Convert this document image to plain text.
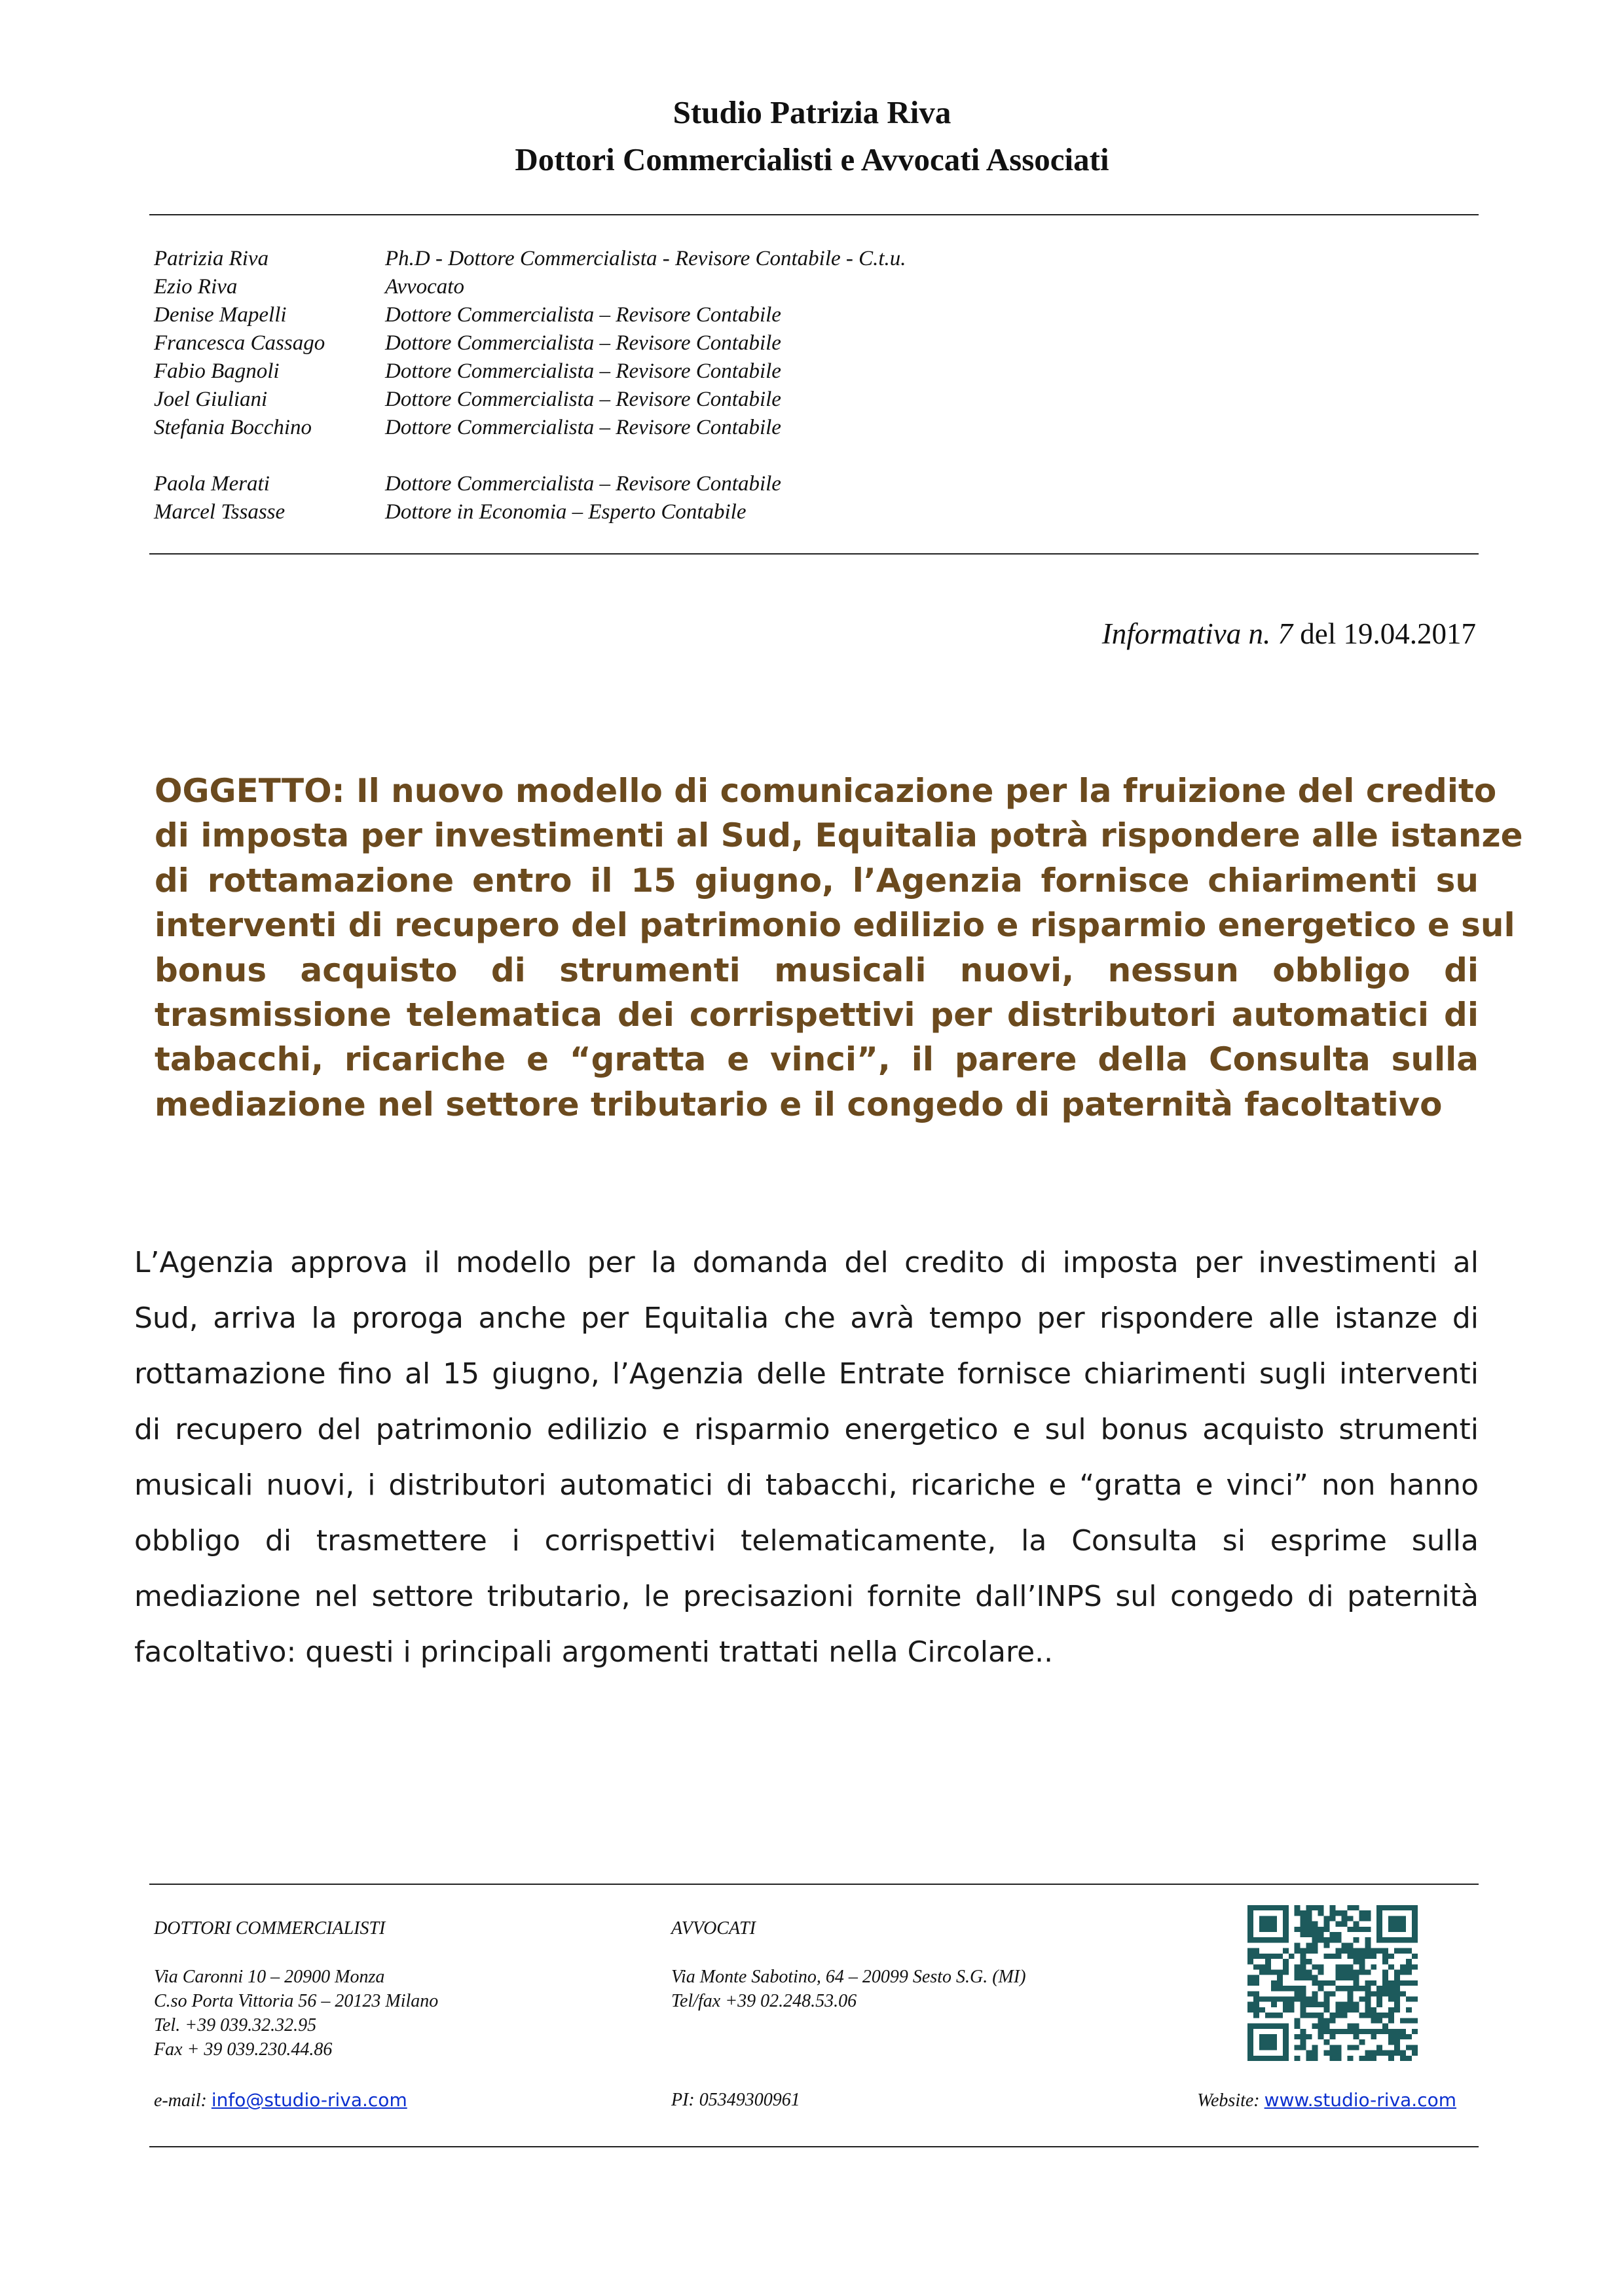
Studio Patrizia Riva
Dottori Commercialisti e Avvocati Associati
Patrizia Riva	Ph.D - Dottore Commercialista - Revisore Contabile - C.t.u.
Ezio Riva	Avvocato
Denise Mapelli	Dottore Commercialista – Revisore Contabile
Francesca Cassago	Dottore Commercialista – Revisore Contabile
Fabio Bagnoli	Dottore Commercialista – Revisore Contabile
Joel Giuliani	Dottore Commercialista – Revisore Contabile
Stefania Bocchino	Dottore Commercialista – Revisore Contabile
Paola Merati	Dottore Commercialista – Revisore Contabile
Marcel Tssasse	Dottore in Economia – Esperto Contabile
Informativa n. 7 del 19.04.2017
OGGETTO: Il nuovo modello di comunicazione per la fruizione del credito
di imposta per investimenti al Sud, Equitalia potrà rispondere alle istanze
di rottamazione entro il 15 giugno, l’Agenzia fornisce chiarimenti su
interventi di recupero del patrimonio edilizio e risparmio energetico e sul
bonus acquisto di strumenti musicali nuovi, nessun obbligo di
trasmissione telematica dei corrispettivi per distributori automatici di
tabacchi, ricariche e “gratta e vinci”, il parere della Consulta sulla
mediazione nel settore tributario e il congedo di paternità facoltativo
L’Agenzia approva il modello per la domanda del credito di imposta per investimenti al
Sud, arriva la proroga anche per Equitalia che avrà tempo per rispondere alle istanze di
rottamazione fino al 15 giugno, l’Agenzia delle Entrate fornisce chiarimenti sugli interventi
di recupero del patrimonio edilizio e risparmio energetico e sul bonus acquisto strumenti
musicali nuovi, i distributori automatici di tabacchi, ricariche e “gratta e vinci” non hanno
obbligo di trasmettere i corrispettivi telematicamente, la Consulta si esprime sulla
mediazione nel settore tributario, le precisazioni fornite dall’INPS sul congedo di paternità
facoltativo: questi i principali argomenti trattati nella Circolare..
DOTTORI COMMERCIALISTI	AVVOCATI
Via Caronni 10 – 20900 Monza
C.so Porta Vittoria 56 – 20123 Milano
Tel. +39 039.32.32.95
Fax + 39 039.230.44.86
Via Monte Sabotino, 64 – 20099 Sesto S.G. (MI)
Tel/fax +39 02.248.53.06
e-mail: info@studio-riva.com	PI: 05349300961	Website: www.studio-riva.com
